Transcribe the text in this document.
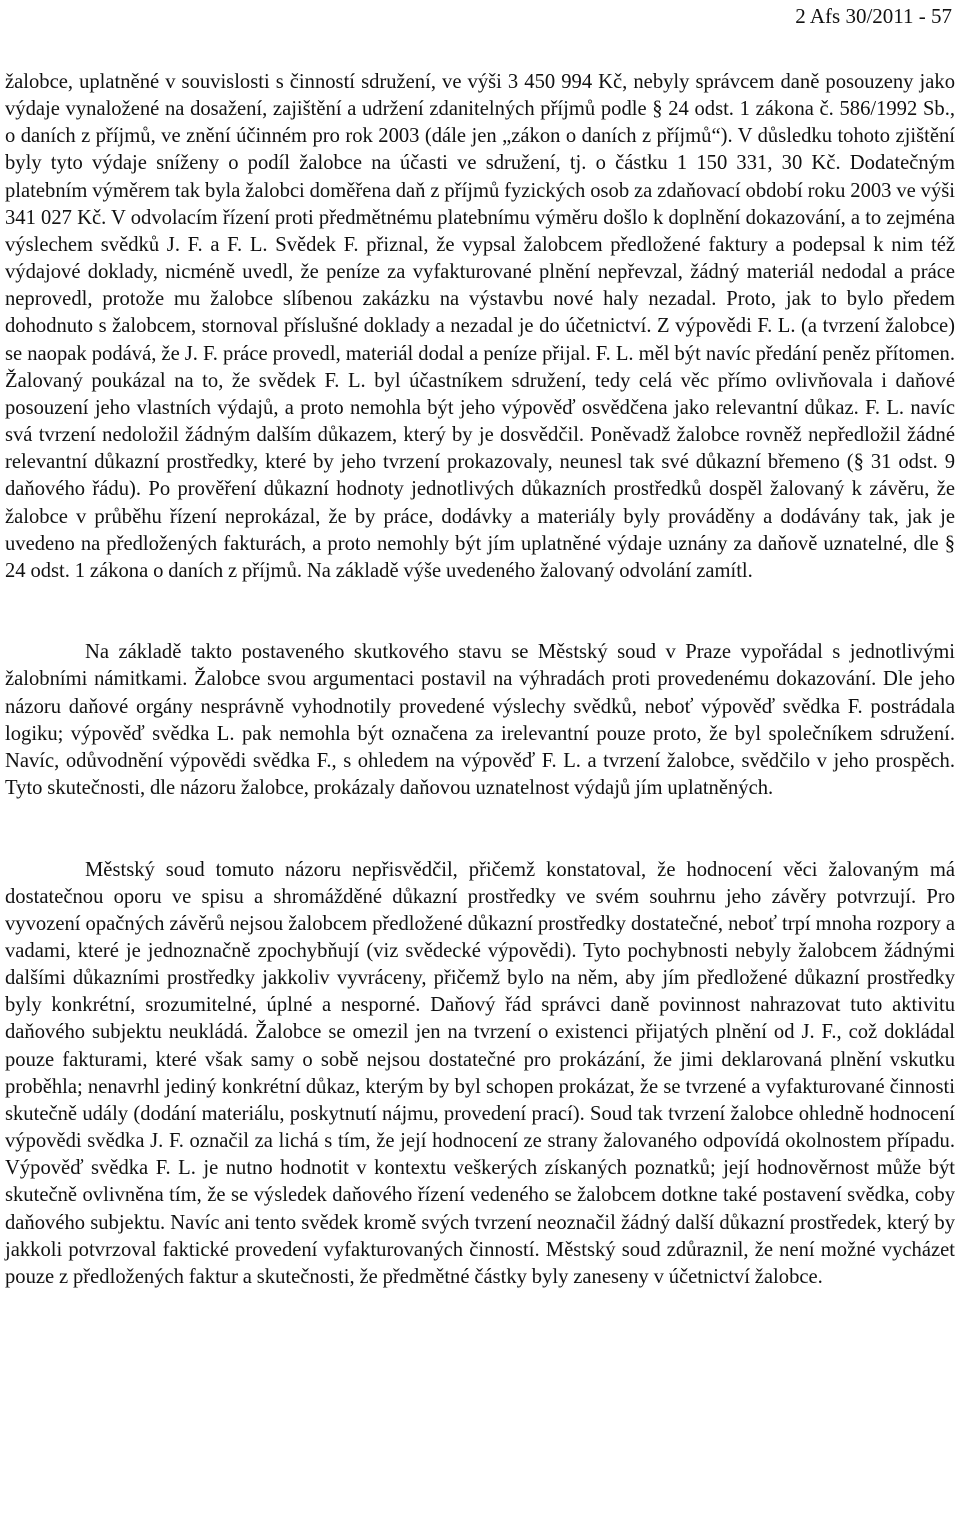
2 Afs 30/2011 - 57

žalobce, uplatněné v souvislosti s činností sdružení, ve výši 3 450 994 Kč, nebyly správcem daně posouzeny jako výdaje vynaložené na dosažení, zajištění a udržení zdanitelných příjmů podle § 24 odst. 1 zákona č. 586/1992 Sb., o daních z příjmů, ve znění účinném pro rok 2003 (dále jen „zákon o daních z příjmů“). V důsledku tohoto zjištění byly tyto výdaje sníženy o podíl žalobce na účasti ve sdružení, tj. o částku 1 150 331, 30 Kč. Dodatečným platebním výměrem tak byla žalobci doměřena daň z příjmů fyzických osob za zdaňovací období roku 2003 ve výši 341 027 Kč. V odvolacím řízení proti předmětnému platebnímu výměru došlo k doplnění dokazování, a to zejména výslechem svědků J. F. a F. L. Svědek F. přiznal, že vypsal žalobcem předložené faktury a podepsal k nim též výdajové doklady, nicméně uvedl, že peníze za vyfakturované plnění nepřevzal, žádný materiál nedodal a práce neprovedl, protože mu žalobce slíbenou zakázku na výstavbu nové haly nezadal. Proto, jak to bylo předem dohodnuto s žalobcem, stornoval příslušné doklady a nezadal je do účetnictví. Z výpovědi F. L. (a tvrzení žalobce) se naopak podává, že J. F. práce provedl, materiál dodal a peníze přijal. F. L. měl být navíc předání peněz přítomen. Žalovaný poukázal na to, že svědek F. L. byl účastníkem sdružení, tedy celá věc přímo ovlivňovala i daňové posouzení jeho vlastních výdajů, a proto nemohla být jeho výpověď osvědčena jako relevantní důkaz. F. L. navíc svá tvrzení nedoložil žádným dalším důkazem, který by je dosvědčil. Poněvadž žalobce rovněž nepředložil žádné relevantní důkazní prostředky, které by jeho tvrzení prokazovaly, neunesl tak své důkazní břemeno (§ 31 odst. 9 daňového řádu). Po prověření důkazní hodnoty jednotlivých důkazních prostředků dospěl žalovaný k závěru, že žalobce v průběhu řízení neprokázal, že by práce, dodávky a materiály byly prováděny a dodávány tak, jak je uvedeno na předložených fakturách, a proto nemohly být jím uplatněné výdaje uznány za daňově uznatelné, dle § 24 odst. 1 zákona o daních z příjmů. Na základě výše uvedeného žalovaný odvolání zamítl.

Na základě takto postaveného skutkového stavu se Městský soud v Praze vypořádal s jednotlivými žalobními námitkami. Žalobce svou argumentaci postavil na výhradách proti provedenému dokazování. Dle jeho názoru daňové orgány nesprávně vyhodnotily provedené výslechy svědků, neboť výpověď svědka F. postrádala logiku; výpověď svědka L. pak nemohla být označena za irelevantní pouze proto, že byl společníkem sdružení. Navíc, odůvodnění výpovědi svědka F., s ohledem na výpověď F. L. a tvrzení žalobce, svědčilo v jeho prospěch. Tyto skutečnosti, dle názoru žalobce, prokázaly daňovou uznatelnost výdajů jím uplatněných.

Městský soud tomuto názoru nepřisvědčil, přičemž konstatoval, že hodnocení věci žalovaným má dostatečnou oporu ve spisu a shromážděné důkazní prostředky ve svém souhrnu jeho závěry potvrzují. Pro vyvození opačných závěrů nejsou žalobcem předložené důkazní prostředky dostatečné, neboť trpí mnoha rozpory a vadami, které je jednoznačně zpochybňují (viz svědecké výpovědi). Tyto pochybnosti nebyly žalobcem žádnými dalšími důkazními prostředky jakkoliv vyvráceny, přičemž bylo na něm, aby jím předložené důkazní prostředky byly konkrétní, srozumitelné, úplné a nesporné. Daňový řád správci daně povinnost nahrazovat tuto aktivitu daňového subjektu neukládá. Žalobce se omezil jen na tvrzení o existenci přijatých plnění od J. F., což dokládal pouze fakturami, které však samy o sobě nejsou dostatečné pro prokázání, že jimi deklarovaná plnění vskutku proběhla; nenavrhl jediný konkrétní důkaz, kterým by byl schopen prokázat, že se tvrzené a vyfakturované činnosti skutečně udály (dodání materiálu, poskytnutí nájmu, provedení prací). Soud tak tvrzení žalobce ohledně hodnocení výpovědi svědka J. F. označil za lichá s tím, že její hodnocení ze strany žalovaného odpovídá okolnostem případu. Výpověď svědka F. L. je nutno hodnotit v kontextu veškerých získaných poznatků; její hodnověrnost může být skutečně ovlivněna tím, že se výsledek daňového řízení vedeného se žalobcem dotkne také postavení svědka, coby daňového subjektu. Navíc ani tento svědek kromě svých tvrzení neoznačil žádný další důkazní prostředek, který by jakkoli potvrzoval faktické provedení vyfakturovaných činností. Městský soud zdůraznil, že není možné vycházet pouze z předložených faktur a skutečnosti, že předmětné částky byly zaneseny v účetnictví žalobce.
